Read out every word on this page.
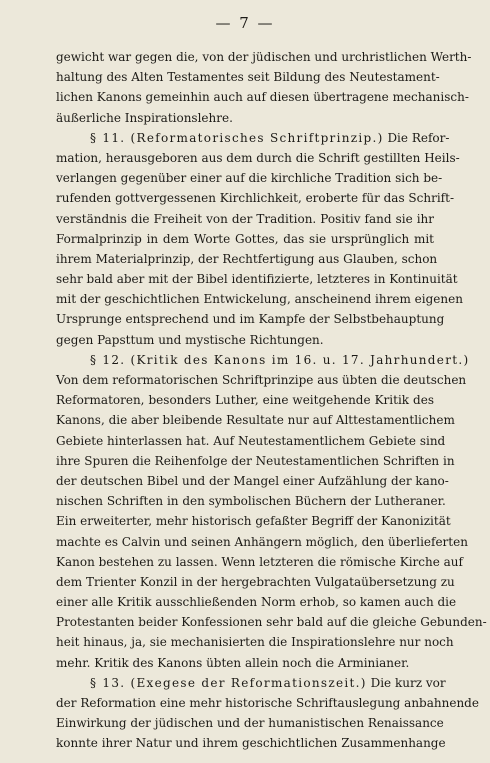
— 7 —
gewicht war gegen die, von der jüdischen und urchristlichen Werth-
haltung des Alten Testamentes seit Bildung des Neutestament-
lichen Kanons gemeinhin auch auf diesen übertragene mechanisch-
äußerliche Inspirationslehre.
§ 11. (Reformatorisches Schriftprinzip.) Die Refor-
mation, herausgeboren aus dem durch die Schrift gestillten Heils-
verlangen gegenüber einer auf die kirchliche Tradition sich be-
rufenden gottvergessenen Kirchlichkeit, eroberte für das Schrift-
verständnis die Freiheit von der Tradition. Positiv fand sie ihr
Formalprinzip in dem Worte Gottes, das sie ursprünglich mit
ihrem Materialprinzip, der Rechtfertigung aus Glauben, schon
sehr bald aber mit der Bibel identifizierte, letzteres in Kontinuität
mit der geschichtlichen Entwickelung, anscheinend ihrem eigenen
Ursprunge entsprechend und im Kampfe der Selbstbehauptung
gegen Papsttum und mystische Richtungen.
§ 12. (Kritik des Kanons im 16. u. 17. Jahrhundert.)
Von dem reformatorischen Schriftprinzipe aus übten die deutschen
Reformatoren, besonders Luther, eine weitgehende Kritik des
Kanons, die aber bleibende Resultate nur auf Alttestamentlichem
Gebiete hinterlassen hat. Auf Neutestamentlichem Gebiete sind
ihre Spuren die Reihenfolge der Neutestamentlichen Schriften in
der deutschen Bibel und der Mangel einer Aufzählung der kano-
nischen Schriften in den symbolischen Büchern der Lutheraner.
Ein erweiterter, mehr historisch gefaßter Begriff der Kanonizität
machte es Calvin und seinen Anhängern möglich, den überlieferten
Kanon bestehen zu lassen. Wenn letzteren die römische Kirche auf
dem Trienter Konzil in der hergebrachten Vulgataübersetzung zu
einer alle Kritik ausschließenden Norm erhob, so kamen auch die
Protestanten beider Konfessionen sehr bald auf die gleiche Gebunden-
heit hinaus, ja, sie mechanisierten die Inspirationslehre nur noch
mehr. Kritik des Kanons übten allein noch die Arminianer.
§ 13. (Exegese der Reformationszeit.) Die kurz vor
der Reformation eine mehr historische Schriftauslegung anbahnende
Einwirkung der jüdischen und der humanistischen Renaissance
konnte ihrer Natur und ihrem geschichtlichen Zusammenhange
